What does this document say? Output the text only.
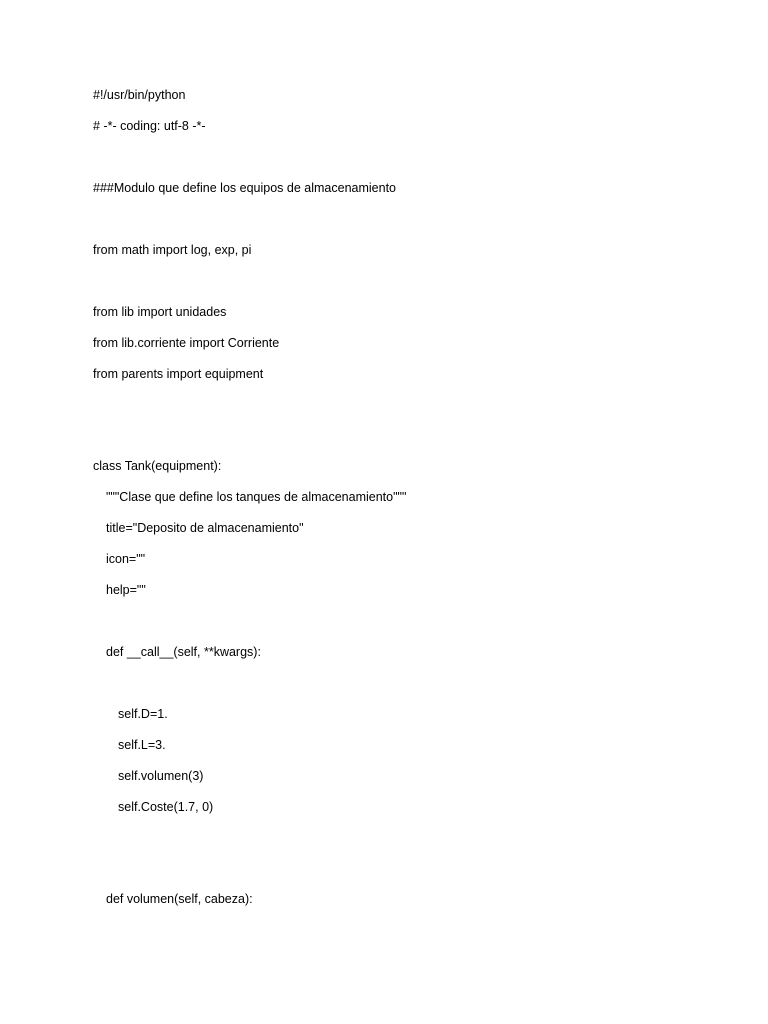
#!/usr/bin/python
# -*- coding: utf-8 -*-
###Modulo que define los equipos de almacenamiento
from math import log, exp, pi
from lib import unidades
from lib.corriente import Corriente
from parents import equipment
class Tank(equipment):
"""Clase que define los tanques de almacenamiento"""
title="Deposito de almacenamiento"
icon=""
help=""
def __call__(self, **kwargs):
self.D=1.
self.L=3.
self.volumen(3)
self.Coste(1.7, 0)
def volumen(self, cabeza):
